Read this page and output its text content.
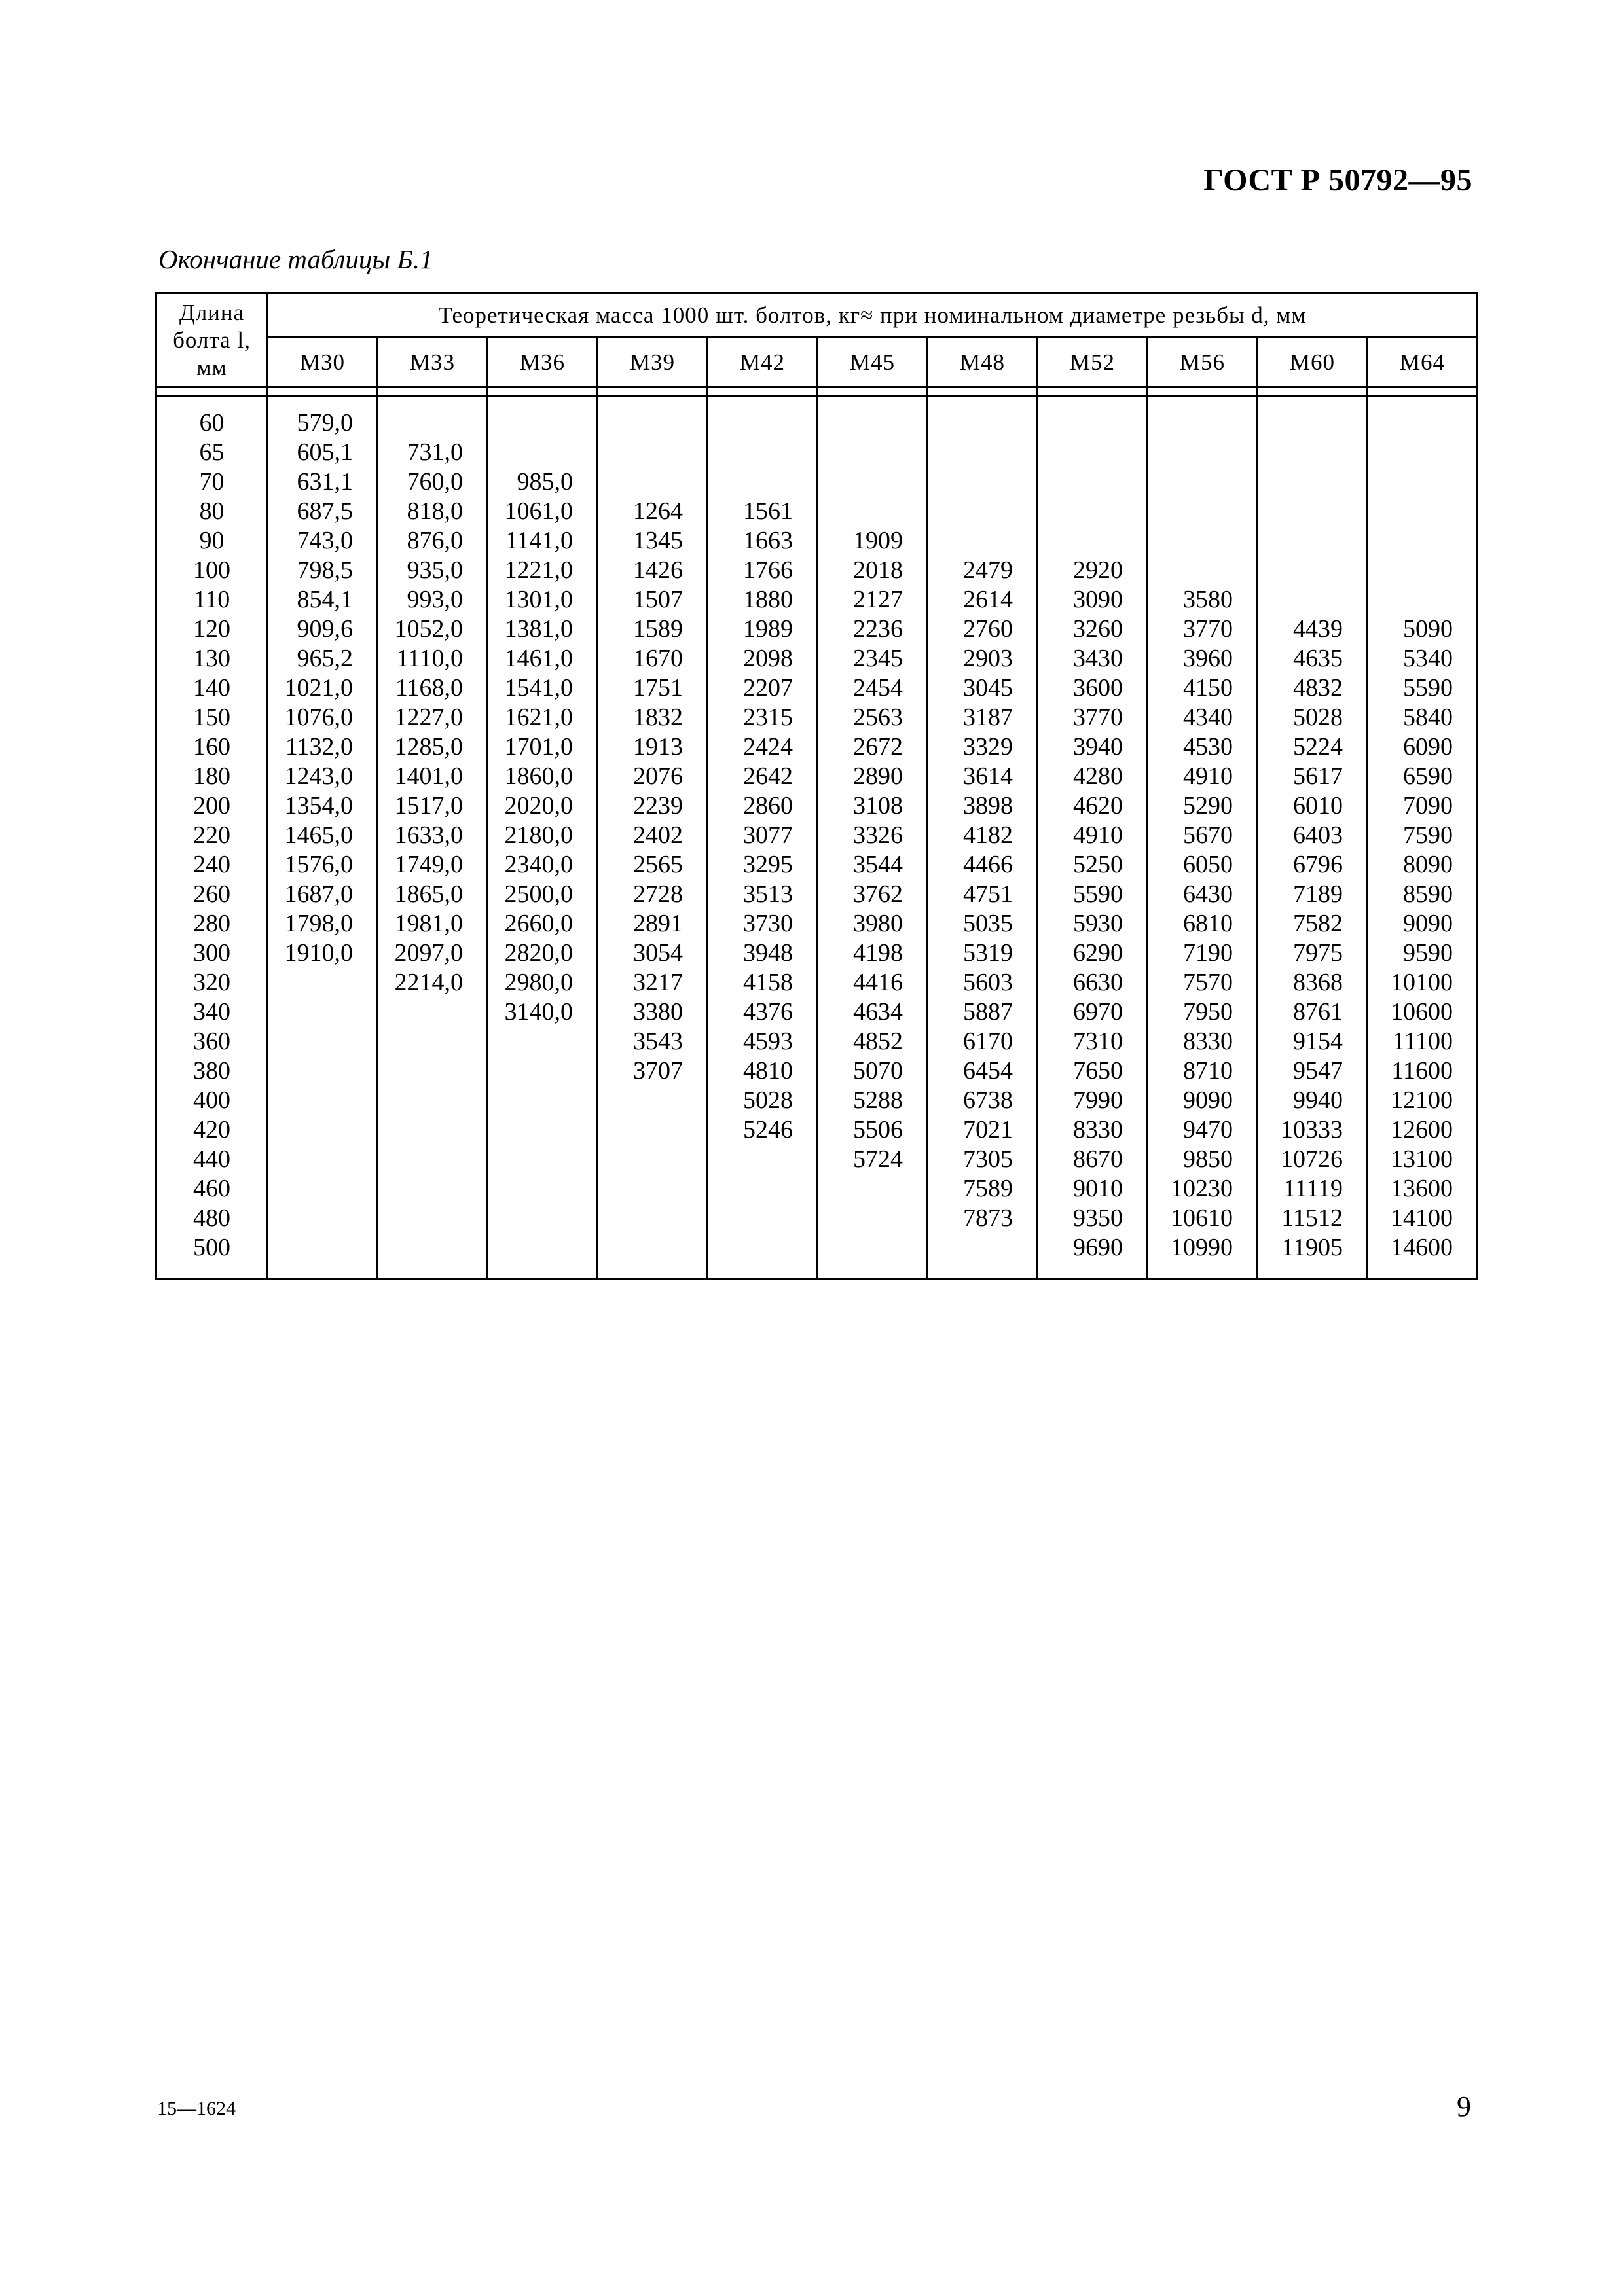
ГОСТ Р 50792—95
Окончание таблицы Б.1
Длина
болта l,
мм	Теоретическая масса 1000 шт. болтов, кг≈ при номинальном диаметре резьбы d, мм										
	М30	М33	М36	М39	М42	М45	М48	М52	М56	М60	М64

60	579,0										
65	605,1	731,0									
70	631,1	760,0	985,0								
80	687,5	818,0	1061,0	1264	1561						
90	743,0	876,0	1141,0	1345	1663	1909					
100	798,5	935,0	1221,0	1426	1766	2018	2479	2920			
110	854,1	993,0	1301,0	1507	1880	2127	2614	3090	3580		
120	909,6	1052,0	1381,0	1589	1989	2236	2760	3260	3770	4439	5090
130	965,2	1110,0	1461,0	1670	2098	2345	2903	3430	3960	4635	5340
140	1021,0	1168,0	1541,0	1751	2207	2454	3045	3600	4150	4832	5590
150	1076,0	1227,0	1621,0	1832	2315	2563	3187	3770	4340	5028	5840
160	1132,0	1285,0	1701,0	1913	2424	2672	3329	3940	4530	5224	6090
180	1243,0	1401,0	1860,0	2076	2642	2890	3614	4280	4910	5617	6590
200	1354,0	1517,0	2020,0	2239	2860	3108	3898	4620	5290	6010	7090
220	1465,0	1633,0	2180,0	2402	3077	3326	4182	4910	5670	6403	7590
240	1576,0	1749,0	2340,0	2565	3295	3544	4466	5250	6050	6796	8090
260	1687,0	1865,0	2500,0	2728	3513	3762	4751	5590	6430	7189	8590
280	1798,0	1981,0	2660,0	2891	3730	3980	5035	5930	6810	7582	9090
300	1910,0	2097,0	2820,0	3054	3948	4198	5319	6290	7190	7975	9590
320		2214,0	2980,0	3217	4158	4416	5603	6630	7570	8368	10100
340			3140,0	3380	4376	4634	5887	6970	7950	8761	10600
360				3543	4593	4852	6170	7310	8330	9154	11100
380				3707	4810	5070	6454	7650	8710	9547	11600
400					5028	5288	6738	7990	9090	9940	12100
420					5246	5506	7021	8330	9470	10333	12600
440						5724	7305	8670	9850	10726	13100
460							7589	9010	10230	11119	13600
480							7873	9350	10610	11512	14100
500								9690	10990	11905	14600
15—1624	9
